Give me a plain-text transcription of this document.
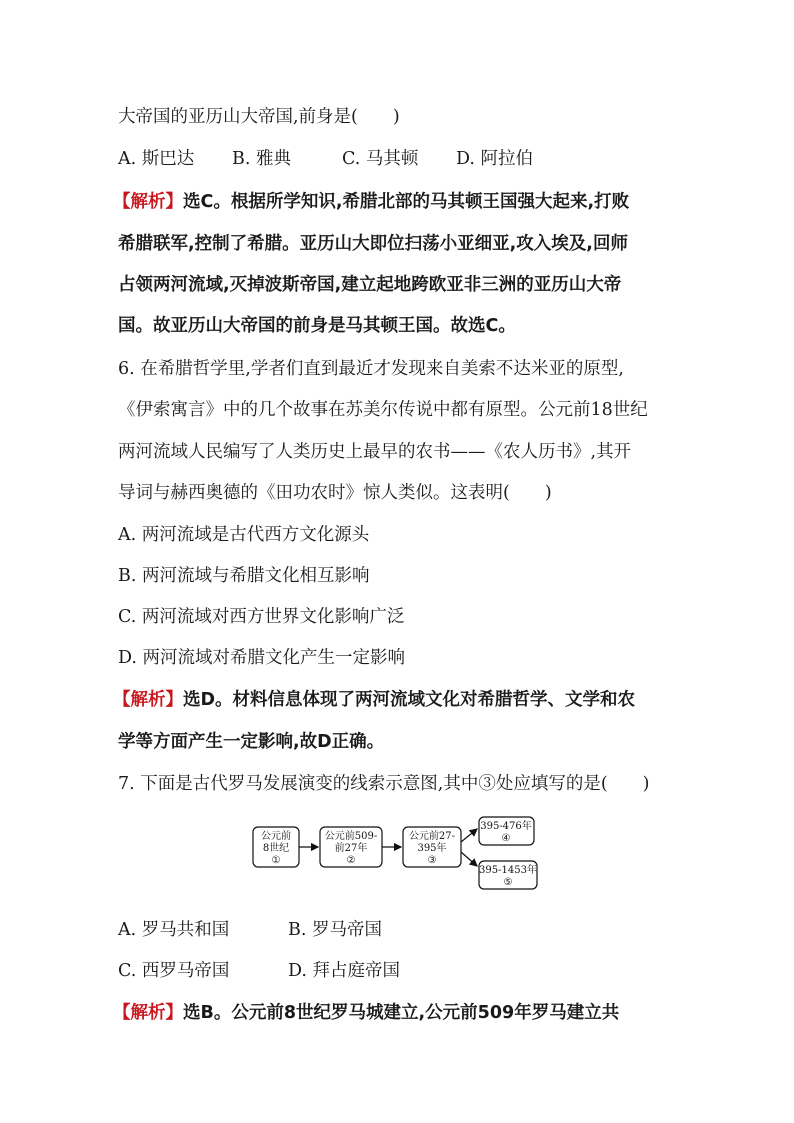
大帝国的亚历山大帝国,前身是(　　)
A. 斯巴达 B. 雅典	C. 马其顿 D. 阿拉伯
【解析】选C。根据所学知识,希腊北部的马其顿王国强大起来,打败
希腊联军,控制了希腊。亚历山大即位扫荡小亚细亚,攻入埃及,回师
占领两河流域,灭掉波斯帝国,建立起地跨欧亚非三洲的亚历山大帝
国。故亚历山大帝国的前身是马其顿王国。故选C。
6. 在希腊哲学里,学者们直到最近才发现来自美索不达米亚的原型,
《伊索寓言》中的几个故事在苏美尔传说中都有原型。公元前18世纪
两河流域人民编写了人类历史上最早的农书——《农人历书》,其开
导词与赫西奥德的《田功农时》惊人类似。这表明(　　)
A. 两河流域是古代西方文化源头
B. 两河流域与希腊文化相互影响
C. 两河流域对西方世界文化影响广泛
D. 两河流域对希腊文化产生一定影响
【解析】选D。材料信息体现了两河流域文化对希腊哲学、文学和农
学等方面产生一定影响,故D正确。
7. 下面是古代罗马发展演变的线索示意图,其中③处应填写的是(　　)
公元前
8世纪
①
公元前509-
前27年
②
公元前27-
395年
③
395-476年
④
395-1453年
⑤
A. 罗马共和国	B. 罗马帝国
C. 西罗马帝国	D. 拜占庭帝国
【解析】选B。公元前8世纪罗马城建立,公元前509年罗马建立共
